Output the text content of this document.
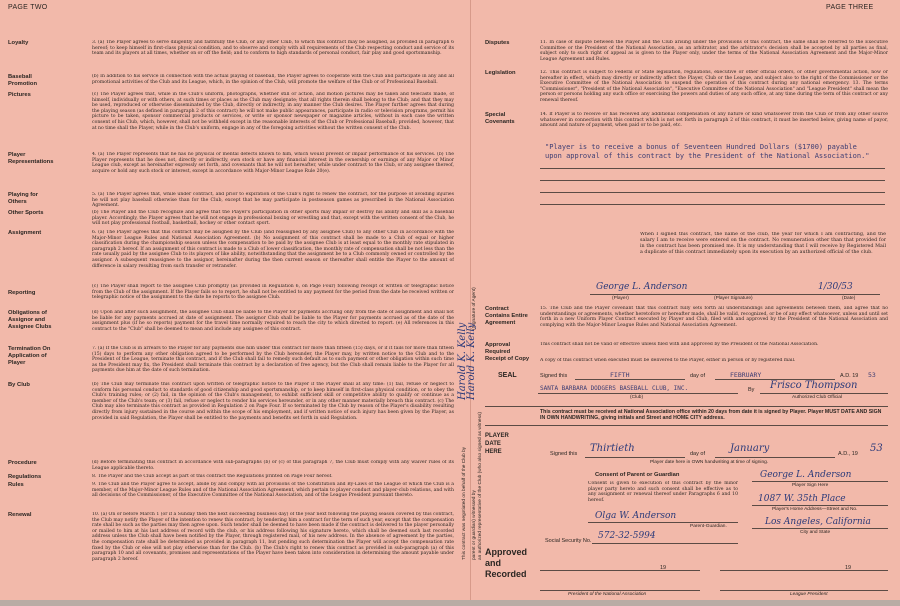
PAGE TWO	PAGE THREE
Loyalty	3. (a) The Player agrees to serve diligently and faithfully the Club, or any other Club, to which this contract may be assigned, as provided in paragraph 6 hereof; to keep himself in first-class physical condition, and to observe and comply with all requirements of the Club respecting conduct and service of its team and its players at all times, whether on or off the field; and to conform to high standards of personal conduct, fair play and good sportsmanship.
Baseball Promotion
(b) In addition to his service in connection with the actual playing of baseball, the Player agrees to cooperate with the Club and participate in any and all promotional activities of the Club and its League, which, in the opinion of the Club, will promote the welfare of the Club or of Professional Baseball.
Pictures	(c) The Player agrees that, while in the Club's uniform, photographs, whether still or action, and motion pictures may be taken and telecasts made, of himself, individually or with others, at such times or places as the Club may designate; that all rights therein shall belong to the Club; and that they may be used, reproduced or otherwise disseminated by the Club, directly or indirectly, in any manner the Club desires. The Player further agrees that during the playing season (as defined in paragraph 2 of this contract) he will not make public appearances, participate in radio or television programs, permit his picture to be taken, sponsor commercial products or services, or write or sponsor newspaper or magazine articles, without in each case the written consent of his Club, which, however, shall not be withheld except in the reasonable interests of the Club or Professional Baseball; provided, however, that at no time shall the Player, while in the Club's uniform, engage in any of the foregoing activities without the written consent of the Club.
Player Representations
4. (a) The Player represents that he has no physical or mental defects known to him, which would prevent or impair performance of his services. (b) The Player represents that he does not, directly or indirectly, own stock or have any financial interest in the ownership or earnings of any Major or Minor League club, except as hereinafter expressly set forth, and covenants that he will not hereafter, while under contract to the Club, or any assignee thereof, acquire or hold any such stock or interest, except in accordance with Major-Minor League Rule 20(e).
Playing for Others
5. (a) The Player agrees that, while under contract, and prior to expiration of the Club's right to renew the contract, for the purpose of avoiding injuries he will not play baseball otherwise than for the Club, except that he may participate in postseason games as prescribed in the National Association Agreement.
Other Sports	(b) The Player and the Club recognize and agree that the Player's participation in other sports may impair or destroy his ability and skill as a baseball player. Accordingly, the Player agrees that he will not engage in professional boxing or wrestling and that, except with the written consent of the Club, he will not play professional football, basketball, hockey or other contact sport.
Assignment	6. (a) The Player agrees that this contract may be assigned by the Club (and reassigned by any assignee Club) to any other Club in accordance with the Major-Minor League Rules and National Association Agreement. (b) No assignment of this contract shall be made to a Club of equal or higher classification during the championship season unless the compensation to be paid by the assignee Club is at least equal to the monthly rate stipulated in paragraph 2 hereof. If an assignment of this contract is made to a Club of lower classification, the monthly rate of compensation shall be not less than the rate usually paid by the assignee Club to its players of like ability, notwithstanding that the assignment be to a Club commonly owned or controlled by the assignor. A subsequent reassignee to the assignor, hereinafter during the then current season or thereafter shall entitle the Player to the amount of difference in salary resulting from such transfer or retransfer.
Reporting
(c) The Player shall report to the assignee Club promptly (as provided in Regulation 6, on Page Four) following receipt of written or telegraphic notice from the Club of the assignment. If the Player fails so to report, he shall not be entitled to any payment for the period from the date he received written or telegraphic notice of the assignment to the date he reports to the assignee Club.
Obligations of Assignor and Assignee Clubs
(d) Upon and after such assignment, the assignee Club shall be liable to the Player for payments accruing only from the date of assignment and shall not be liable for any payments accrued at date of assignment. The assignor Club shall be liable to the Player for payments accrued as of the date of the assignment plus (if he so reports) payment for the travel time normally required to reach the city to which directed to report. (e) All references in this contract to the "Club" shall be deemed to mean and include any assignee of this contract.
Termination On Application of Player
7. (a) If the Club is in arrears to the Player for any payments due him under this contract for more than fifteen (15) days, or if it fails for more than fifteen (15) days to perform any other obligation agreed to be performed by the Club hereunder, the Player may, by written notice to the Club and to the President of the League, terminate this contract, and if the Club shall fail to remedy such default as to such payment or other obligation within such time as the President may fix, the President shall terminate this contract by a declaration of free agency, but the Club shall remain liable to the Player for all payments due him at the date of such termination.
By Club	(b) The Club may terminate this contract upon written or telegraphic notice to the Player if the Player shall at any time: (1) fail, refuse or neglect to conform his personal conduct to standards of good citizenship and good sportsmanship, or to keep himself in first-class physical condition, or to obey the Club's training rules; or (2) fail, in the opinion of the Club's management, to exhibit sufficient skill or competitive ability to qualify or continue as a member of the Club's team; or (3) fail, refuse or neglect to render his services hereunder, or in any other manner materially breach this contract. (c) The Club may also terminate this contract as provided in Regulation 2 on Page Four. If so terminated by the Club by reason of the Player's disability resulting directly from injury sustained in the course and within the scope of his employment, and if written notice of such injury has been given by the Player, as provided in said Regulation, the Player shall be entitled to the payments and benefits set forth in said Regulation.
Procedure	(d) Before terminating this contract in accordance with sub-paragraphs (b) or (c) of this paragraph 7, the Club must comply with any waiver rules of its League applicable thereto.
Regulations	8. The Player and the Club accept as part of this contract the Regulations printed on Page Four hereof.
Rules	9. The Club and the Player agree to accept, abide by and comply with all provisions of the Constitution and By-Laws of the League of which the Club is a member, of the Major-Minor League Rules and of the National Association Agreement, which pertain to player conduct and player-club relations, and with all decisions of the Commissioner, of the Executive Committee of the National Association, and of the League President pursuant thereto.
Renewal	10. (a) On or before March 1 (or if a Sunday then the next succeeding business day) of the year next following the playing season covered by this contract, the Club may notify the Player of the intention to renew this contract, by tendering him a contract for the term of such year, except that the compensation rate shall be such as the parties may then agree upon. Such tender shall be deemed to have been made if the contract is delivered to the player personally or mailed to him at his last address of record with the club, or his address following his signature hereto, which shall be deemed such last recorded address unless the Club shall have been notified by the Player, through registered mail, of his new address. In the absence of agreement by the parties, the compensation rate shall be determined as provided in paragraph 11, but pending such determination the Player will accept the compensation rate fixed by the Club or else will not play otherwise than for the Club. (b) The Club's right to renew this contract as provided in sub-paragraph (a) of this paragraph 10 and all covenants, promises and representations of the Player have been taken into consideration in determining the amount payable under paragraph 2 hereof.	This contract was negotiated on behalf of the Club by parent or guardian) witnessed by an authorized representative of the Club (who also signed as witness)
(Signature of Agent)
Harold K. Kelly
Harold K. Kelly
Disputes	11. In case of dispute between the Player and the Club arising under the provisions of this contract, the same shall be referred to the Executive Committee or the President of the National Association, as an arbitrator, and the arbitrator's decision shall be accepted by all parties as final, subject only to such right of appeal as is given to the Player only, under the terms of the National Association Agreement and the Major-Minor League Agreement and Rules.
Legislation	12. This contract is subject to Federal or State legislation, regulations, executive or other official orders, or other governmental action, now or hereafter in effect, which may directly or indirectly affect the Player, Club or the League, and subject also to the right of the Commissioner or the Executive Committee of the National Association to suspend the operation of this contract during any national emergency. 13. The terms "Commissioner", "President of the National Association", "Executive Committee of the National Association" and "League President" shall mean the person or persons holding any such office or exercising the powers and duties of any such office, at any time during the term of this contract or any renewal thereof.
Special Covenants
14. If Player is to receive or has received any additional compensation of any nature or kind whatsoever from the Club or from any other source whatsoever in connection with this contract which is not set forth in paragraph 2 of this contract, it must be inserted below, giving name of payor, amount and nature of payment, when paid or to be paid, etc.
"Player is to receive a bonus of Seventeen Hundred Dollars ($1700) payable upon approval of this contract by the President of the National Association."
When I signed this contract, the name of the club, the year for which I am contracting, and the salary I am to receive were entered on the contract. No remuneration other than that provided for in the contract has been promised me. It is my understanding that I will receive by Registered Mail a duplicate of this contract immediately upon its execution by an authorized official of the club.
George L. Anderson	1/30/53
(Player)	(Player Signature)	(Date)
Contract Contains Entire Agreement
15. The Club and the Player covenant that this contract fully sets forth all understandings and agreements between them, and agree that no understandings or agreements, whether heretofore or hereafter made, shall be valid, recognized, or be of any effect whatsoever, unless and until set forth in a new Uniform Player Contract executed by Player and Club, filed with and approved by the President of the National Association and complying with the Major-Minor League Rules and National Association Agreement.
Approval Required
This contract shall not be valid or effective unless filed with and approved by the President of the National Association.
Receipt of Copy	A copy of this contract when executed must be delivered to the Player, either in person or by registered mail.
SEAL	Signed this	FIFTH	day of	FEBRUARY	A.D. 19 53
SANTA BARBARA DODGERS BASEBALL CLUB, INC.
(Club)
By Frisco Thompson
Authorized Club Official
This contract must be received at National Association office within 20 days from date it is signed by Player. Player MUST DATE AND SIGN IN OWN HANDWRITING, giving initials and Street and HOME CITY address.
PLAYER
DATE
HERE	Signed this Thirtieth	day of	January	A.D., 19 53
Player date here in OWN handwriting at time of signing.
Consent of Parent or Guardian
Consent is given to execution of this contract by the minor player party hereto and such consent shall be effective as to any assignment or renewal thereof under Paragraphs 6 and 10 hereof.
George L. Anderson
Player Sign Here
1087 W. 35th Place
Player's Home Address—Street and No.
Olga W. Anderson
Parent-Guardian.	Los Angeles, California
City and State
Social Security No. 572-32-5994
Approved
and
Recorded
19	19
President of the National Association	League President
